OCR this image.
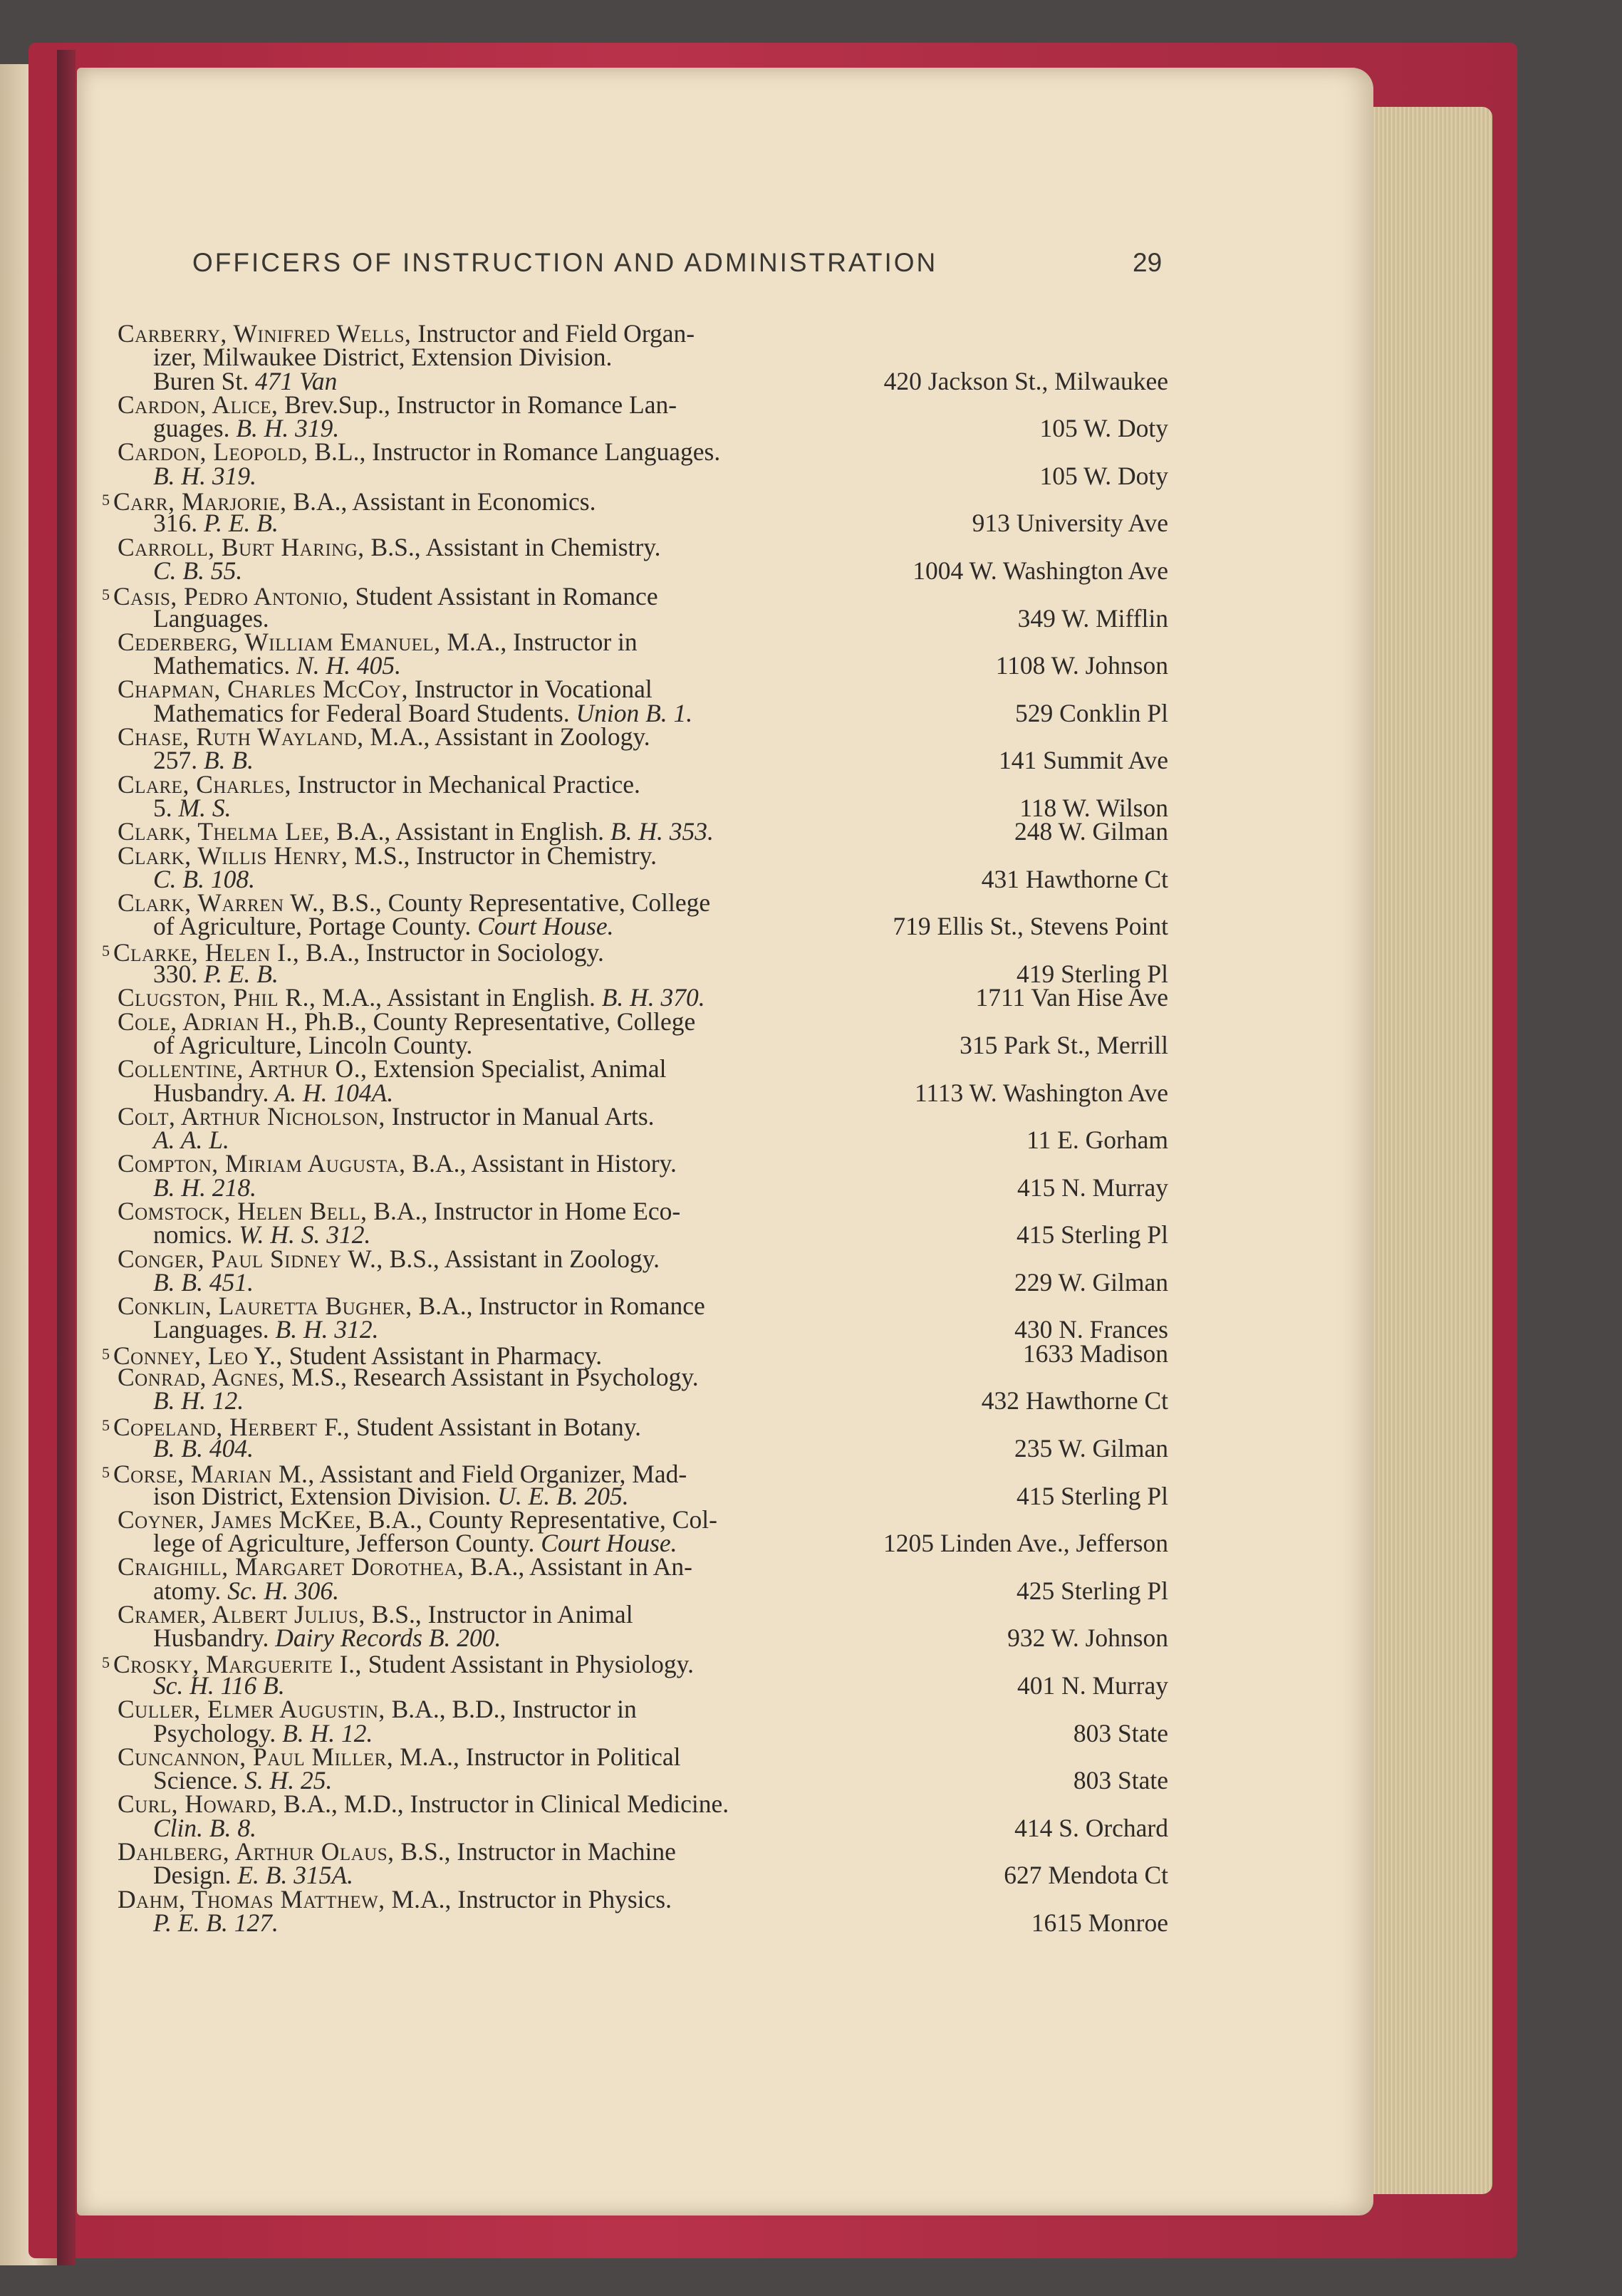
OFFICERS OF INSTRUCTION AND ADMINISTRATION	29
Carberry, Winifred Wells, Instructor and Field Organ-
izer, Milwaukee District, Extension Division.
Buren St. 471 Van	420 Jackson St., Milwaukee
Cardon, Alice, Brev.Sup., Instructor in Romance Lan-
guages. B. H. 319.	105 W. Doty
Cardon, Leopold, B.L., Instructor in Romance Languages.
B. H. 319.	105 W. Doty
5 Carr, Marjorie, B.A., Assistant in Economics.
316. P. E. B.	913 University Ave
Carroll, Burt Haring, B.S., Assistant in Chemistry.
C. B. 55.	1004 W. Washington Ave
5 Casis, Pedro Antonio, Student Assistant in Romance
Languages.	349 W. Mifflin
Cederberg, William Emanuel, M.A., Instructor in
Mathematics. N. H. 405.	1108 W. Johnson
Chapman, Charles McCoy, Instructor in Vocational
Mathematics for Federal Board Students. Union B. 1.	529 Conklin Pl
Chase, Ruth Wayland, M.A., Assistant in Zoology.
257. B. B.	141 Summit Ave
Clare, Charles, Instructor in Mechanical Practice.
5. M. S.	118 W. Wilson
Clark, Thelma Lee, B.A., Assistant in English. B. H. 353.	248 W. Gilman
Clark, Willis Henry, M.S., Instructor in Chemistry.
C. B. 108.	431 Hawthorne Ct
Clark, Warren W., B.S., County Representative, College
of Agriculture, Portage County. Court House.	719 Ellis St., Stevens Point
5 Clarke, Helen I., B.A., Instructor in Sociology.
330. P. E. B.	419 Sterling Pl
Clugston, Phil R., M.A., Assistant in English. B. H. 370.	1711 Van Hise Ave
Cole, Adrian H., Ph.B., County Representative, College
of Agriculture, Lincoln County.	315 Park St., Merrill
Collentine, Arthur O., Extension Specialist, Animal
Husbandry. A. H. 104A.	1113 W. Washington Ave
Colt, Arthur Nicholson, Instructor in Manual Arts.
A. A. L.	11 E. Gorham
Compton, Miriam Augusta, B.A., Assistant in History.
B. H. 218.	415 N. Murray
Comstock, Helen Bell, B.A., Instructor in Home Eco-
nomics. W. H. S. 312.	415 Sterling Pl
Conger, Paul Sidney W., B.S., Assistant in Zoology.
B. B. 451.	229 W. Gilman
Conklin, Lauretta Bugher, B.A., Instructor in Romance
Languages. B. H. 312.	430 N. Frances
5 Conney, Leo Y., Student Assistant in Pharmacy.	1633 Madison
Conrad, Agnes, M.S., Research Assistant in Psychology.
B. H. 12.	432 Hawthorne Ct
5 Copeland, Herbert F., Student Assistant in Botany.
B. B. 404.	235 W. Gilman
5 Corse, Marian M., Assistant and Field Organizer, Mad-
ison District, Extension Division. U. E. B. 205.	415 Sterling Pl
Coyner, James McKee, B.A., County Representative, Col-
lege of Agriculture, Jefferson County. Court House.	1205 Linden Ave., Jefferson
Craighill, Margaret Dorothea, B.A., Assistant in An-
atomy. Sc. H. 306.	425 Sterling Pl
Cramer, Albert Julius, B.S., Instructor in Animal
Husbandry. Dairy Records B. 200.	932 W. Johnson
5 Crosky, Marguerite I., Student Assistant in Physiology.
Sc. H. 116 B.	401 N. Murray
Culler, Elmer Augustin, B.A., B.D., Instructor in
Psychology. B. H. 12.	803 State
Cuncannon, Paul Miller, M.A., Instructor in Political
Science. S. H. 25.	803 State
Curl, Howard, B.A., M.D., Instructor in Clinical Medicine.
Clin. B. 8.	414 S. Orchard
Dahlberg, Arthur Olaus, B.S., Instructor in Machine
Design. E. B. 315A.	627 Mendota Ct
Dahm, Thomas Matthew, M.A., Instructor in Physics.
P. E. B. 127.	1615 Monroe
